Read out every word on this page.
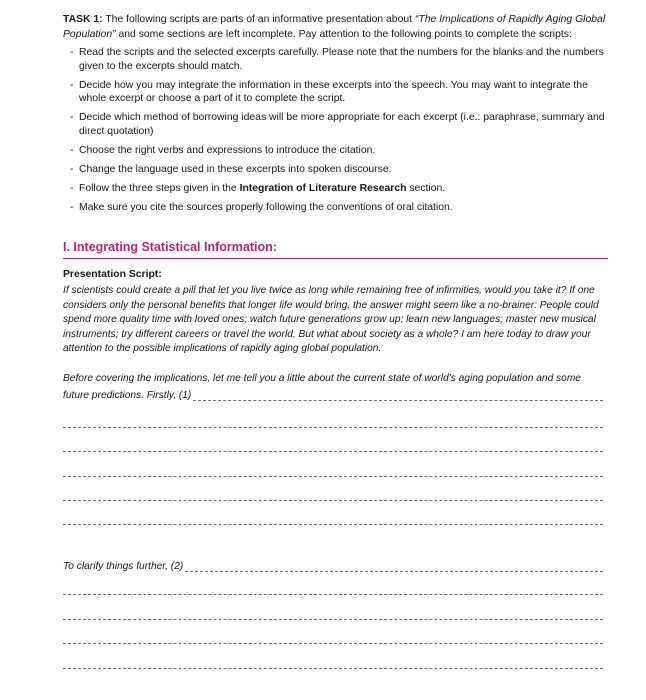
TASK 1: The following scripts are parts of an informative presentation about “The Implications of Rapidly Aging Global Population” and some sections are left incomplete. Pay attention to the following points to complete the scripts:
- Read the scripts and the selected excerpts carefully. Please note that the numbers for the blanks and the numbers given to the excerpts should match.
- Decide how you may integrate the information in these excerpts into the speech. You may want to integrate the whole excerpt or choose a part of it to complete the script.
- Decide which method of borrowing ideas will be more appropriate for each excerpt (i.e.: paraphrase, summary and direct quotation)
- Choose the right verbs and expressions to introduce the citation.
- Change the language used in these excerpts into spoken discourse.
- Follow the three steps given in the Integration of Literature Research section.
- Make sure you cite the sources properly following the conventions of oral citation.
I. Integrating Statistical Information:
Presentation Script:
If scientists could create a pill that let you live twice as long while remaining free of infirmities, would you take it? If one considers only the personal benefits that longer life would bring, the answer might seem like a no-brainer: People could spend more quality time with loved ones; watch future generations grow up; learn new languages; master new musical instruments; try different careers or travel the world. But what about society as a whole? I am here today to draw your attention to the possible implications of rapidly aging global population.
Before covering the implications, let me tell you a little about the current state of world’s aging population and some
future predictions. Firstly, (1)
To clarify things further, (2)
